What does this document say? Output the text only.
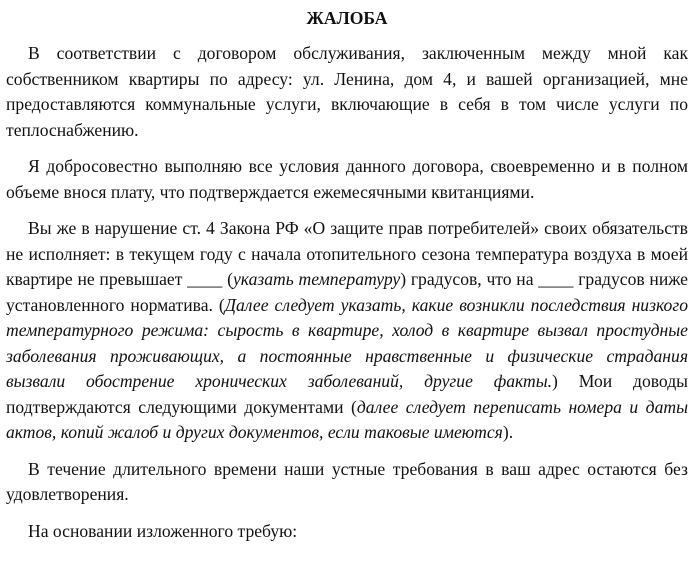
ЖАЛОБА

В соответствии с договором обслуживания, заключенным между мной как собственником квартиры по адресу: ул. Ленина, дом 4, и вашей организацией, мне предоставляются коммунальные услуги, включающие в себя в том числе услуги по теплоснабжению.

Я добросовестно выполняю все условия данного договора, своевременно и в полном объеме внося плату, что подтверждается ежемесячными квитанциями.

Вы же в нарушение ст. 4 Закона РФ «О защите прав потребителей» своих обязательств не исполняет: в текущем году с начала отопительного сезона температура воздуха в моей квартире не превышает ____ (указать температуру) градусов, что на ____ градусов ниже установленного норматива. (Далее следует указать, какие возникли последствия низкого температурного режима: сырость в квартире, холод в квартире вызвал простудные заболевания проживающих, а постоянные нравственные и физические страдания вызвали обострение хронических заболеваний, другие факты.) Мои доводы подтверждаются следующими документами (далее следует переписать номера и даты актов, копий жалоб и других документов, если таковые имеются).

В течение длительного времени наши устные требования в ваш адрес остаются без удовлетворения.

На основании изложенного требую:
